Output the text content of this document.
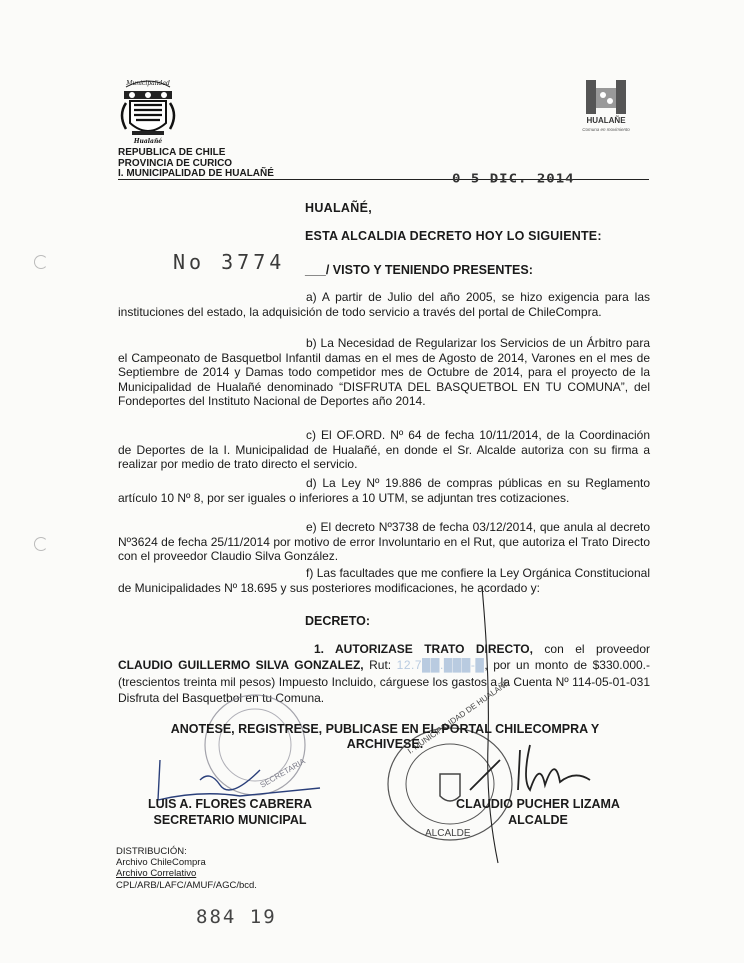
Municipalidad
Hualañé
HUALAÑE
Comuna en movimiento
REPUBLICA DE CHILE
PROVINCIA DE CURICO
I. MUNICIPALIDAD DE HUALAÑÉ	0 5 DIC. 2014
HUALAÑÉ,
ESTA ALCALDIA DECRETO HOY LO SIGUIENTE:
No 3774 ___/ VISTO Y TENIENDO PRESENTES:

a) A partir de Julio del año 2005, se hizo exigencia para las instituciones del estado, la adquisición de todo servicio a través del portal de ChileCompra.

b) La Necesidad de Regularizar los Servicios de un Árbitro para el Campeonato de Basquetbol Infantil damas en el mes de Agosto de 2014, Varones en el mes de Septiembre de 2014 y Damas todo competidor mes de Octubre de 2014, para el proyecto de la Municipalidad de Hualañé denominado “DISFRUTA DEL BASQUETBOL EN TU COMUNA”, del Fondeportes del Instituto Nacional de Deportes año 2014.

c) El OF.ORD. Nº 64 de fecha 10/11/2014, de la Coordinación de Deportes de la I. Municipalidad de Hualañé, en donde el Sr. Alcalde autoriza con su firma a realizar por medio de trato directo el servicio.

d) La Ley Nº 19.886 de compras públicas en su Reglamento artículo 10 Nº 8, por ser iguales o inferiores a 10 UTM, se adjuntan tres cotizaciones.

e) El decreto Nº3738 de fecha 03/12/2014, que anula al decreto Nº3624 de fecha 25/11/2014 por motivo de error Involuntario en el Rut, que autoriza el Trato Directo con el proveedor Claudio Silva González.

f) Las facultades que me confiere la Ley Orgánica Constitucional de Municipalidades Nº 18.695 y sus posteriores modificaciones, he acordado y:

DECRETO:

1. AUTORIZASE TRATO DIRECTO, con el proveedor CLAUDIO GUILLERMO SILVA GONZALEZ, Rut: 12.7██.███-█, por un monto de $330.000.- (trescientos treinta mil pesos) Impuesto Incluido, cárguese los gastos a la Cuenta Nº 114-05-01-031 Disfruta del Basquetbol en tu Comuna.

SECRETARIA
I. MUNICIPALIDAD DE HUALAÑE
ALCALDE
ANOTESE, REGISTRESE, PUBLICASE EN EL PORTAL CHILECOMPRA Y
ARCHIVESE.
LUIS A. FLORES CABRERA
SECRETARIO MUNICIPAL
CLAUDIO PUCHER LIZAMA
ALCALDE
DISTRIBUCIÓN:
Archivo ChileCompra
Archivo Correlativo
CPL/ARB/LAFC/AMUF/AGC/bcd.
884 19
